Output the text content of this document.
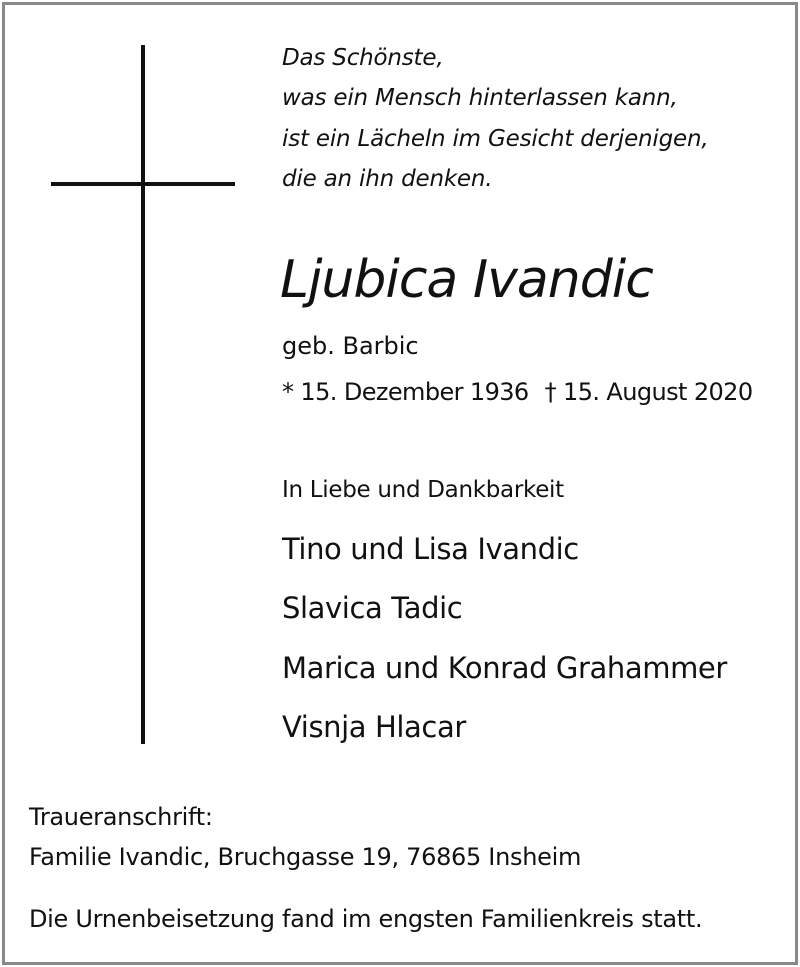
Das Schönste,
was ein Mensch hinterlassen kann,
ist ein Lächeln im Gesicht derjenigen,
die an ihn denken.
Ljubica Ivandic
geb. Barbic
* 15. Dezember 1936 † 15. August 2020
In Liebe und Dankbarkeit
Tino und Lisa Ivandic
Slavica Tadic
Marica und Konrad Grahammer
Visnja Hlacar
Traueranschrift:
Familie Ivandic, Bruchgasse 19, 76865 Insheim
Die Urnenbeisetzung fand im engsten Familienkreis statt.
